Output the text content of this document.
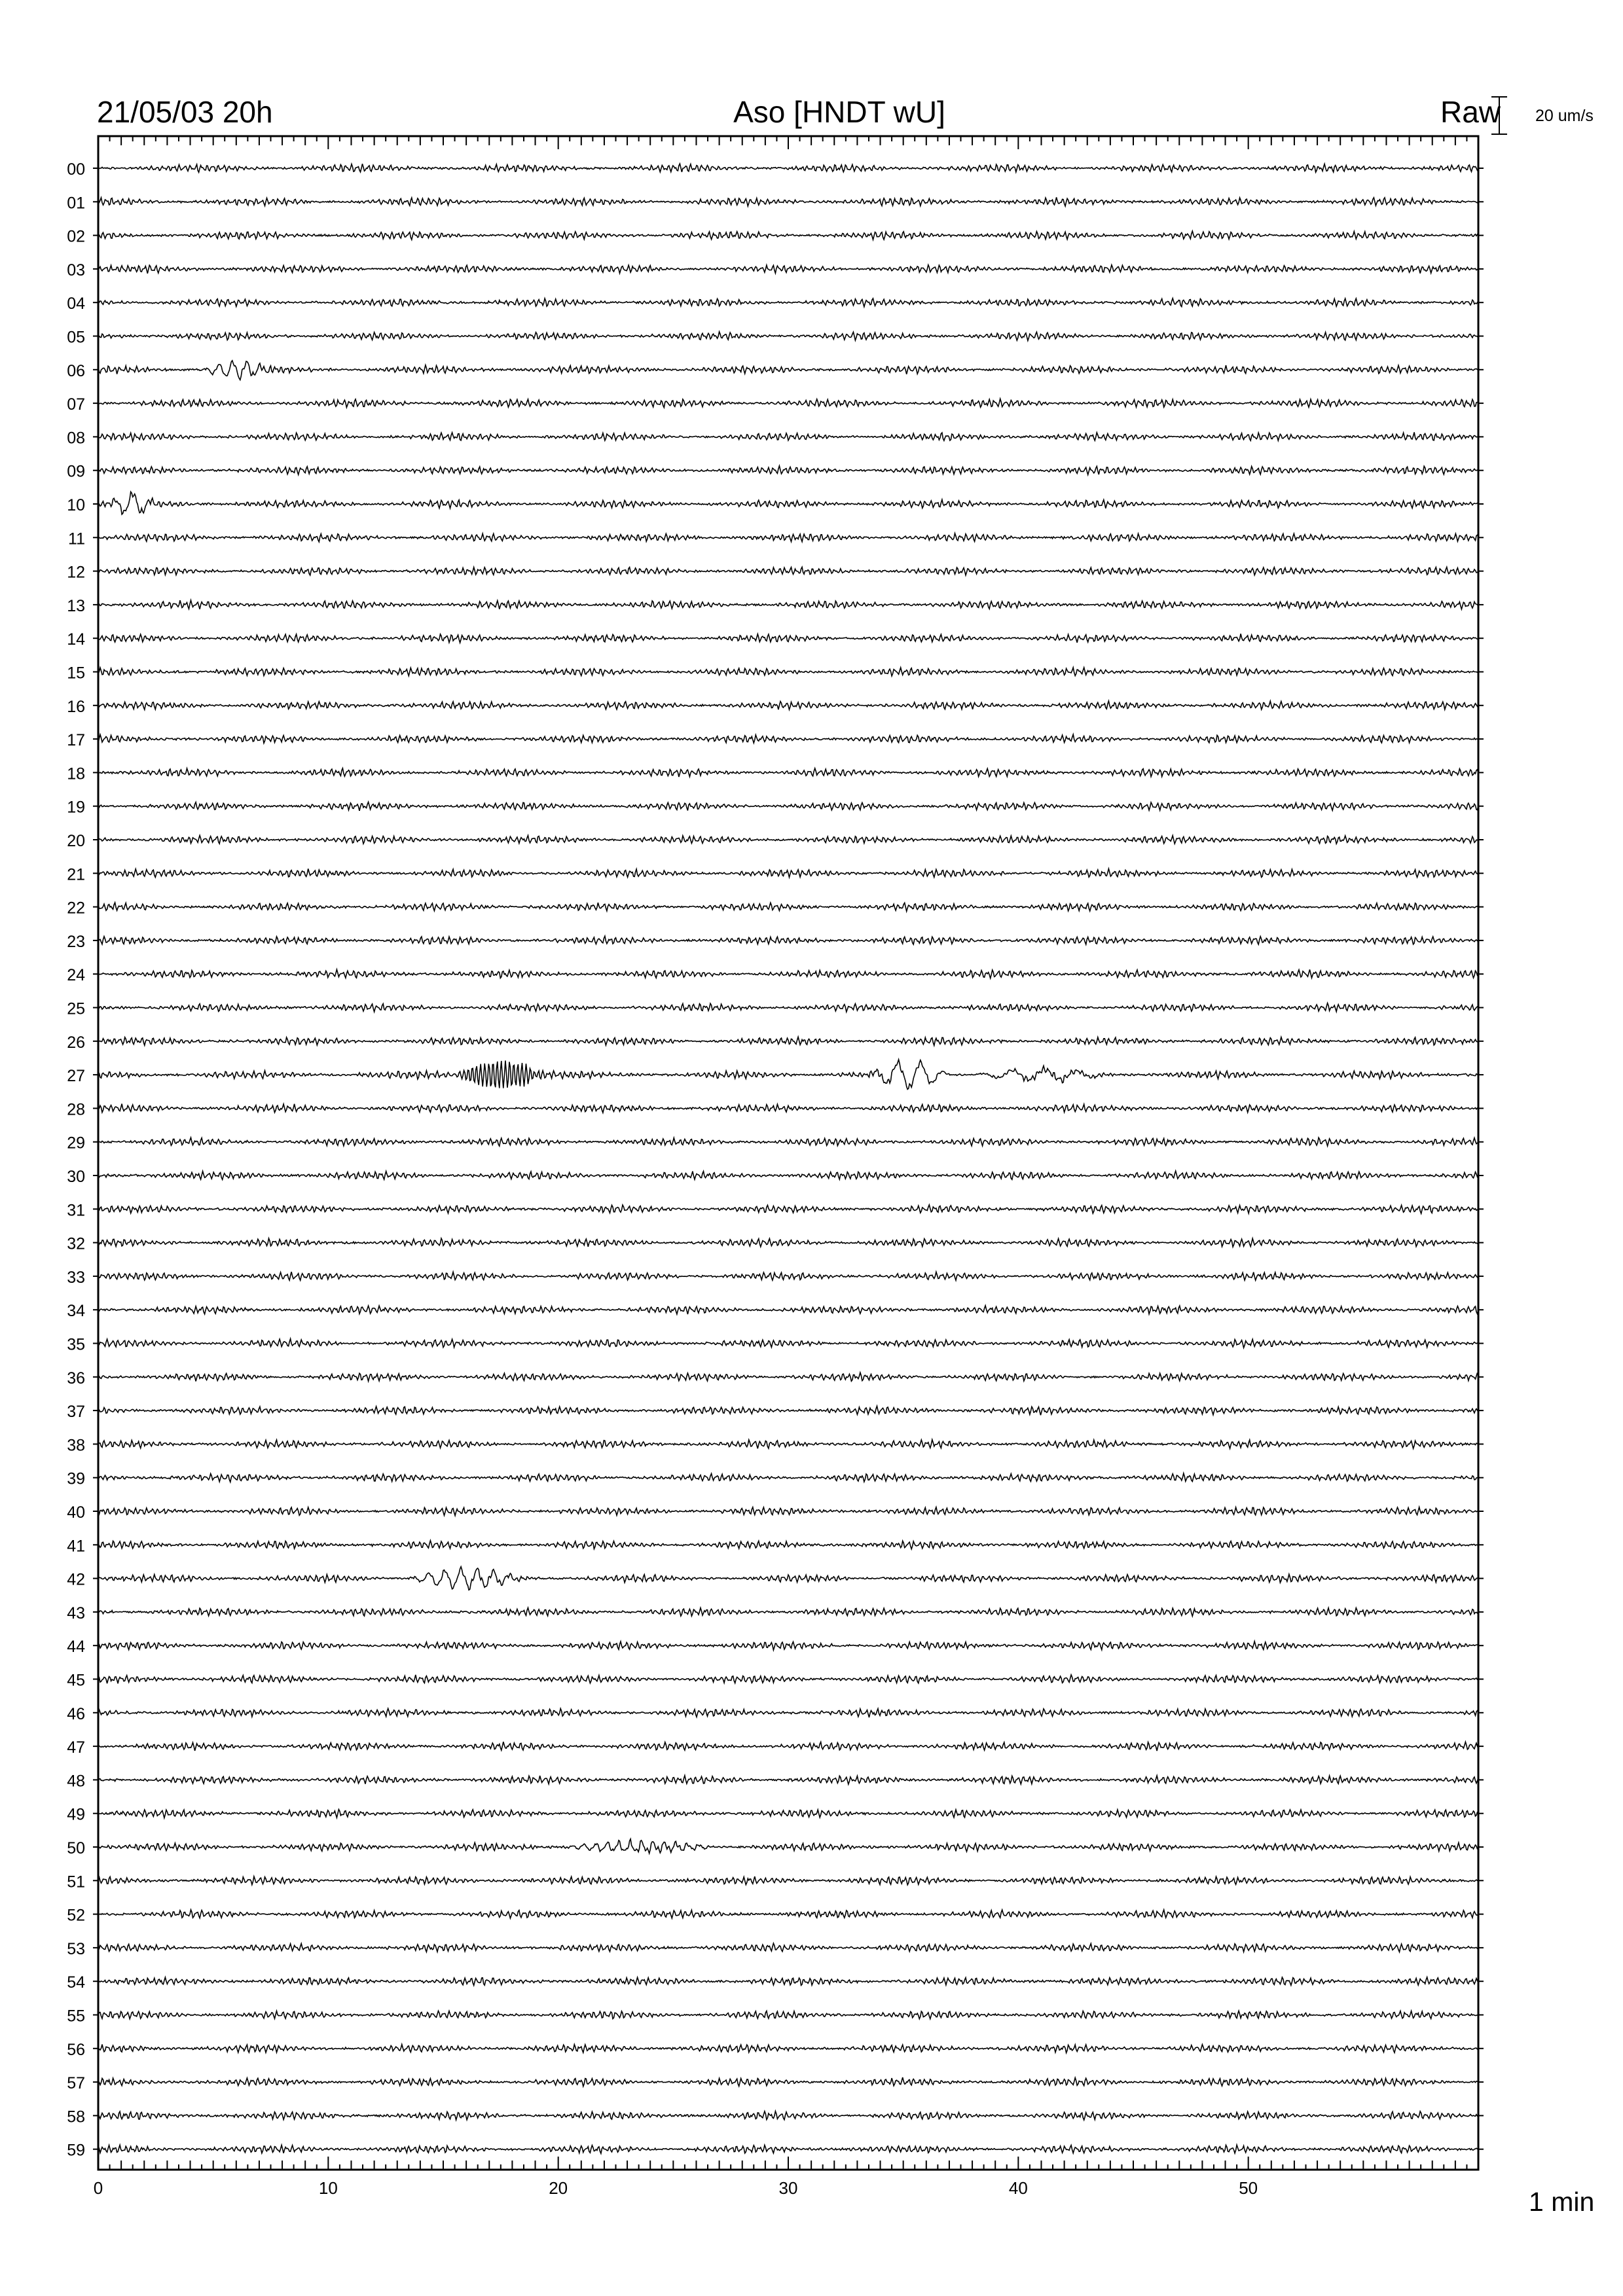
21/05/03 20h	Aso [HNDT wU]	Raw 20 um/s
1 min
0	10	20	30	40	50
00
01
02
03
04
05
06
07
08
09
10
11
12
13
14
15
16
17
18
19
20
21
22
23
24
25
26
27
28
29
30
31
32
33
34
35
36
37
38
39
40
41
42
43
44
45
46
47
48
49
50
51
52
53
54
55
56
57
58
59
